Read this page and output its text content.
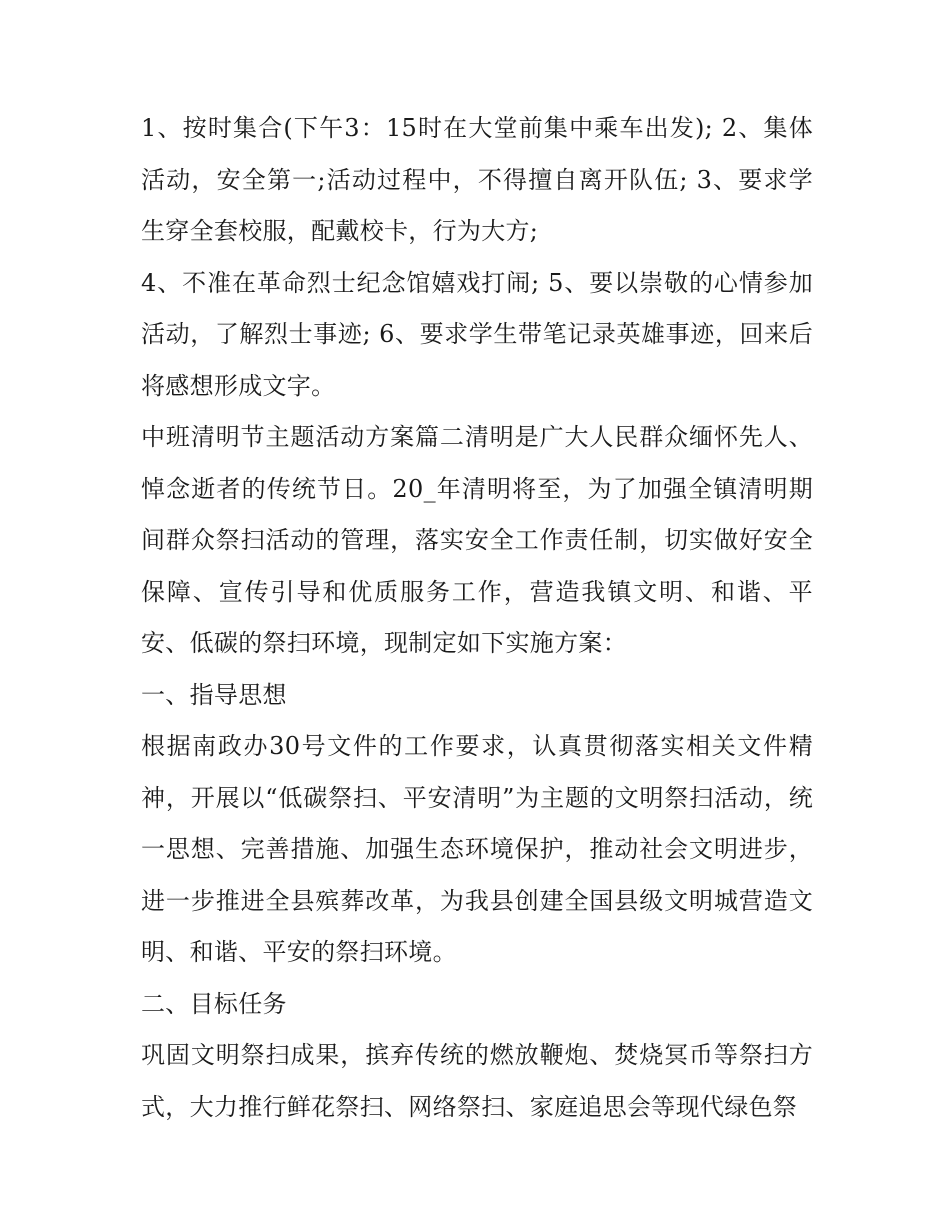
1、按时集合(下午3：15时在大堂前集中乘车出发); 2、集体活动，安全第一;活动过程中，不得擅自离开队伍; 3、要求学生穿全套校服，配戴校卡，行为大方;

4、不准在革命烈士纪念馆嬉戏打闹; 5、要以崇敬的心情参加活动，了解烈士事迹; 6、要求学生带笔记录英雄事迹，回来后将感想形成文字。

中班清明节主题活动方案篇二清明是广大人民群众缅怀先人、悼念逝者的传统节日。20_年清明将至，为了加强全镇清明期间群众祭扫活动的管理，落实安全工作责任制，切实做好安全保障、宣传引导和优质服务工作，营造我镇文明、和谐、平安、低碳的祭扫环境，现制定如下实施方案：

一、指导思想

根据南政办30号文件的工作要求，认真贯彻落实相关文件精神，开展以“低碳祭扫、平安清明”为主题的文明祭扫活动，统一思想、完善措施、加强生态环境保护，推动社会文明进步，进一步推进全县殡葬改革，为我县创建全国县级文明城营造文明、和谐、平安的祭扫环境。

二、目标任务

巩固文明祭扫成果，摈弃传统的燃放鞭炮、焚烧冥币等祭扫方式，大力推行鲜花祭扫、网络祭扫、家庭追思会等现代绿色祭
